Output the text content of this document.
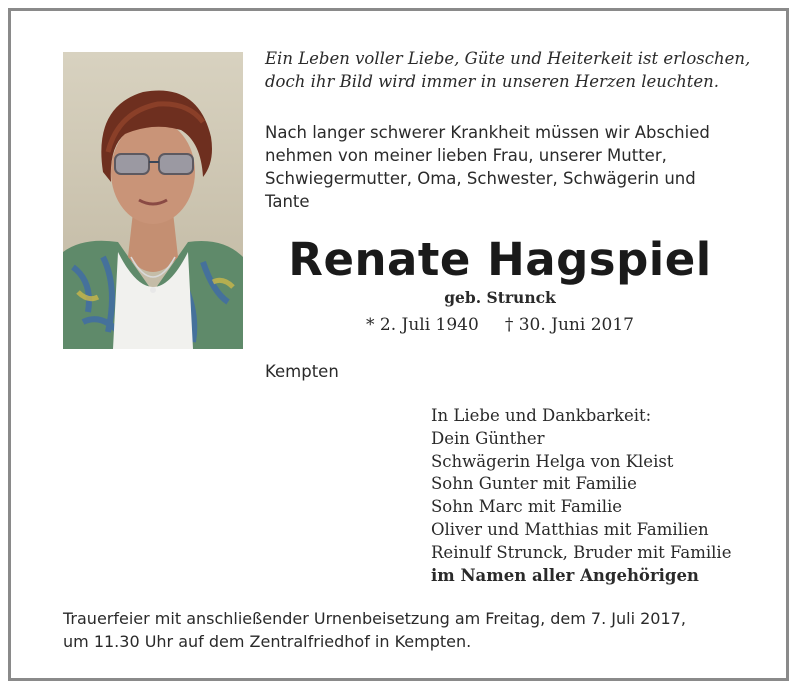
Ein Leben voller Liebe, Güte und Heiterkeit ist erloschen,
doch ihr Bild wird immer in unseren Herzen leuchten.
Nach langer schwerer Krankheit müssen wir Abschied
nehmen von meiner lieben Frau, unserer Mutter,
Schwiegermutter, Oma, Schwester, Schwägerin und
Tante
Renate Hagspiel
geb. Strunck
* 2. Juli 1940 † 30. Juni 2017
Kempten
In Liebe und Dankbarkeit:
Dein Günther
Schwägerin Helga von Kleist
Sohn Gunter mit Familie
Sohn Marc mit Familie
Oliver und Matthias mit Familien
Reinulf Strunck, Bruder mit Familie
im Namen aller Angehörigen
Trauerfeier mit anschließender Urnenbeisetzung am Freitag, dem 7. Juli 2017,
um 11.30 Uhr auf dem Zentralfriedhof in Kempten.
